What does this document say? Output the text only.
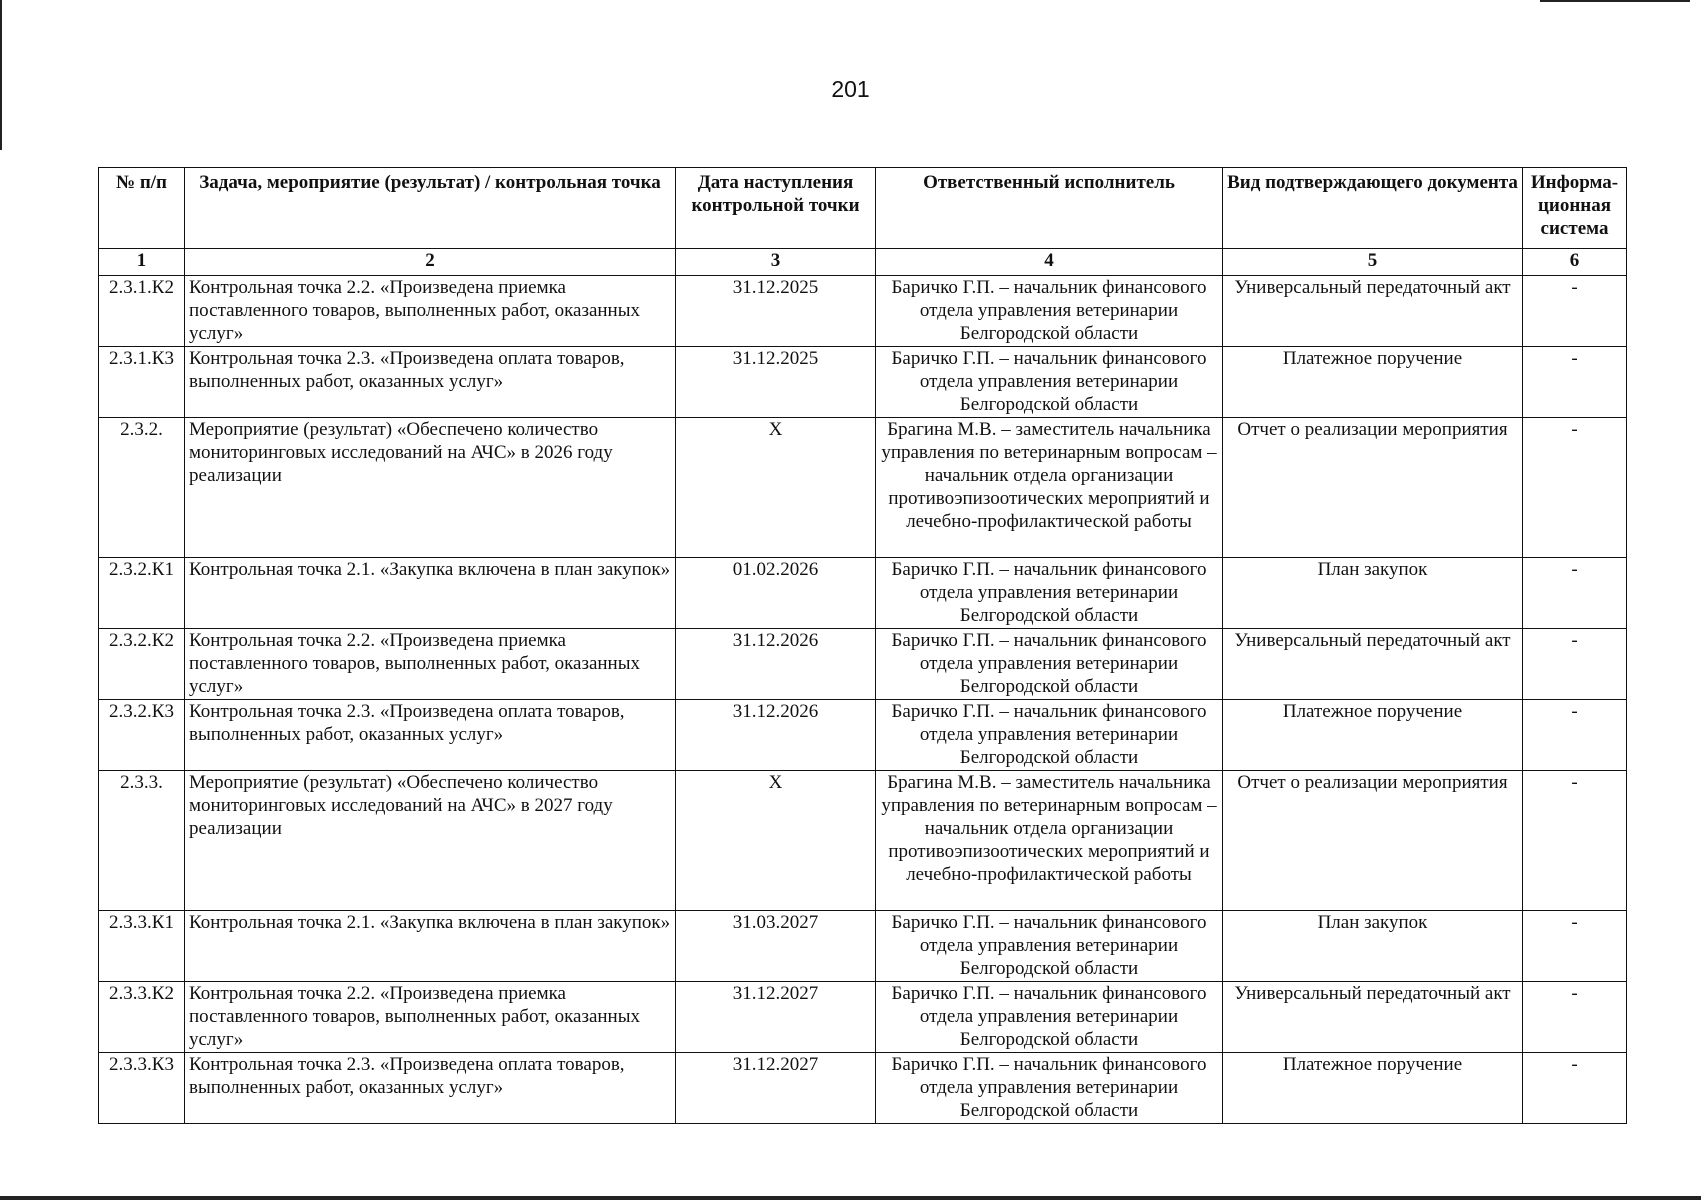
201
№ п/п	Задача, мероприятие (результат) / контрольная точка	Дата наступления контрольной точки	Ответственный исполнитель	Вид подтверждающего документа	Информа-ционная система
1	2	3	4	5	6
2.3.1.К2	Контрольная точка 2.2. «Произведена приемка поставленного товаров, выполненных работ, оказанных услуг»	31.12.2025	Баричко Г.П. – начальник финансового отдела управления ветеринарии Белгородской области	Универсальный передаточный акт	-
2.3.1.К3	Контрольная точка 2.3. «Произведена оплата товаров, выполненных работ, оказанных услуг»	31.12.2025	Баричко Г.П. – начальник финансового отдела управления ветеринарии Белгородской области	Платежное поручение	-
2.3.2.	Мероприятие (результат) «Обеспечено количество мониторинговых исследований на АЧС» в 2026 году реализации	Х	Брагина М.В. – заместитель начальника управления по ветеринарным вопросам – начальник отдела организации противоэпизоотических мероприятий и лечебно-профилактической работы	Отчет о реализации мероприятия	-
2.3.2.К1	Контрольная точка 2.1. «Закупка включена в план закупок»	01.02.2026	Баричко Г.П. – начальник финансового отдела управления ветеринарии Белгородской области	План закупок	-
2.3.2.К2	Контрольная точка 2.2. «Произведена приемка поставленного товаров, выполненных работ, оказанных услуг»	31.12.2026	Баричко Г.П. – начальник финансового отдела управления ветеринарии Белгородской области	Универсальный передаточный акт	-
2.3.2.К3	Контрольная точка 2.3. «Произведена оплата товаров, выполненных работ, оказанных услуг»	31.12.2026	Баричко Г.П. – начальник финансового отдела управления ветеринарии Белгородской области	Платежное поручение	-
2.3.3.	Мероприятие (результат) «Обеспечено количество мониторинговых исследований на АЧС» в 2027 году реализации	Х	Брагина М.В. – заместитель начальника управления по ветеринарным вопросам – начальник отдела организации противоэпизоотических мероприятий и лечебно-профилактической работы	Отчет о реализации мероприятия	-
2.3.3.К1	Контрольная точка 2.1. «Закупка включена в план закупок»	31.03.2027	Баричко Г.П. – начальник финансового отдела управления ветеринарии Белгородской области	План закупок	-
2.3.3.К2	Контрольная точка 2.2. «Произведена приемка поставленного товаров, выполненных работ, оказанных услуг»	31.12.2027	Баричко Г.П. – начальник финансового отдела управления ветеринарии Белгородской области	Универсальный передаточный акт	-
2.3.3.К3	Контрольная точка 2.3. «Произведена оплата товаров, выполненных работ, оказанных услуг»	31.12.2027	Баричко Г.П. – начальник финансового отдела управления ветеринарии Белгородской области	Платежное поручение	-
